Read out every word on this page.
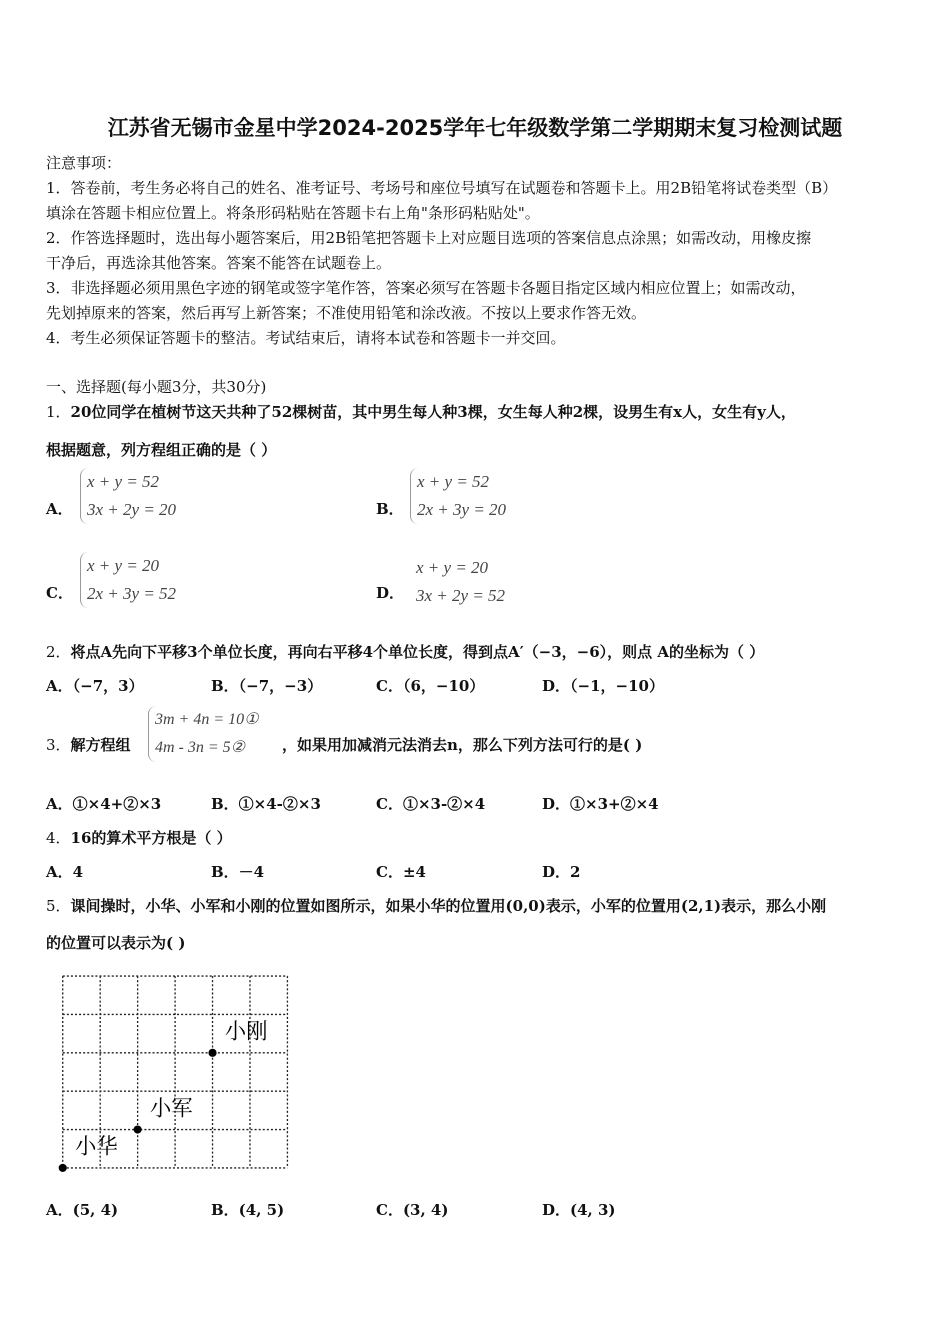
江苏省无锡市金星中学2024-2025学年七年级数学第二学期期末复习检测试题
注意事项：
1．答卷前，考生务必将自己的姓名、准考证号、考场号和座位号填写在试题卷和答题卡上。用2B铅笔将试卷类型（B）
填涂在答题卡相应位置上。将条形码粘贴在答题卡右上角"条形码粘贴处"。
2．作答选择题时，选出每小题答案后，用2B铅笔把答题卡上对应题目选项的答案信息点涂黑；如需改动，用橡皮擦
干净后，再选涂其他答案。答案不能答在试题卷上。
3．非选择题必须用黑色字迹的钢笔或签字笔作答，答案必须写在答题卡各题目指定区域内相应位置上；如需改动，
先划掉原来的答案，然后再写上新答案；不准使用铅笔和涂改液。不按以上要求作答无效。
4．考生必须保证答题卡的整洁。考试结束后，请将本试卷和答题卡一并交回。
一、选择题(每小题3分，共30分)
1．20位同学在植树节这天共种了52棵树苗，其中男生每人种3棵，女生每人种2棵，设男生有x人，女生有y人，
根据题意，列方程组正确的是（ ）
A．
x + y = 52
3x + 2y = 20	B．
x + y = 52
2x + 3y = 20
C．
x + y = 20
2x + 3y = 52	D．
x + y = 20
3x + 2y = 52
2．将点A先向下平移3个单位长度，再向右平移4个单位长度，得到点A′（−3，−6），则点 A的坐标为（ ）
A．（−7，3）	B．（−7，−3）	C．（6，−10）	D．（−1，−10）
3．解方程组
3m + 4n = 10①
4m - 3n = 5②	，如果用加减消元法消去n，那么下列方法可行的是( )
A．①×4+②×3	B．①×4-②×3	C．①×3-②×4	D．①×3+②×4
4．16的算术平方根是（ ）
A．4	B．－4	C．±4	D．2
5．课间操时，小华、小军和小刚的位置如图所示，如果小华的位置用(0,0)表示，小军的位置用(2,1)表示，那么小刚
的位置可以表示为( )
小华
小军
小刚
A．(5, 4)	B．(4, 5)	C．(3, 4)	D．(4, 3)
